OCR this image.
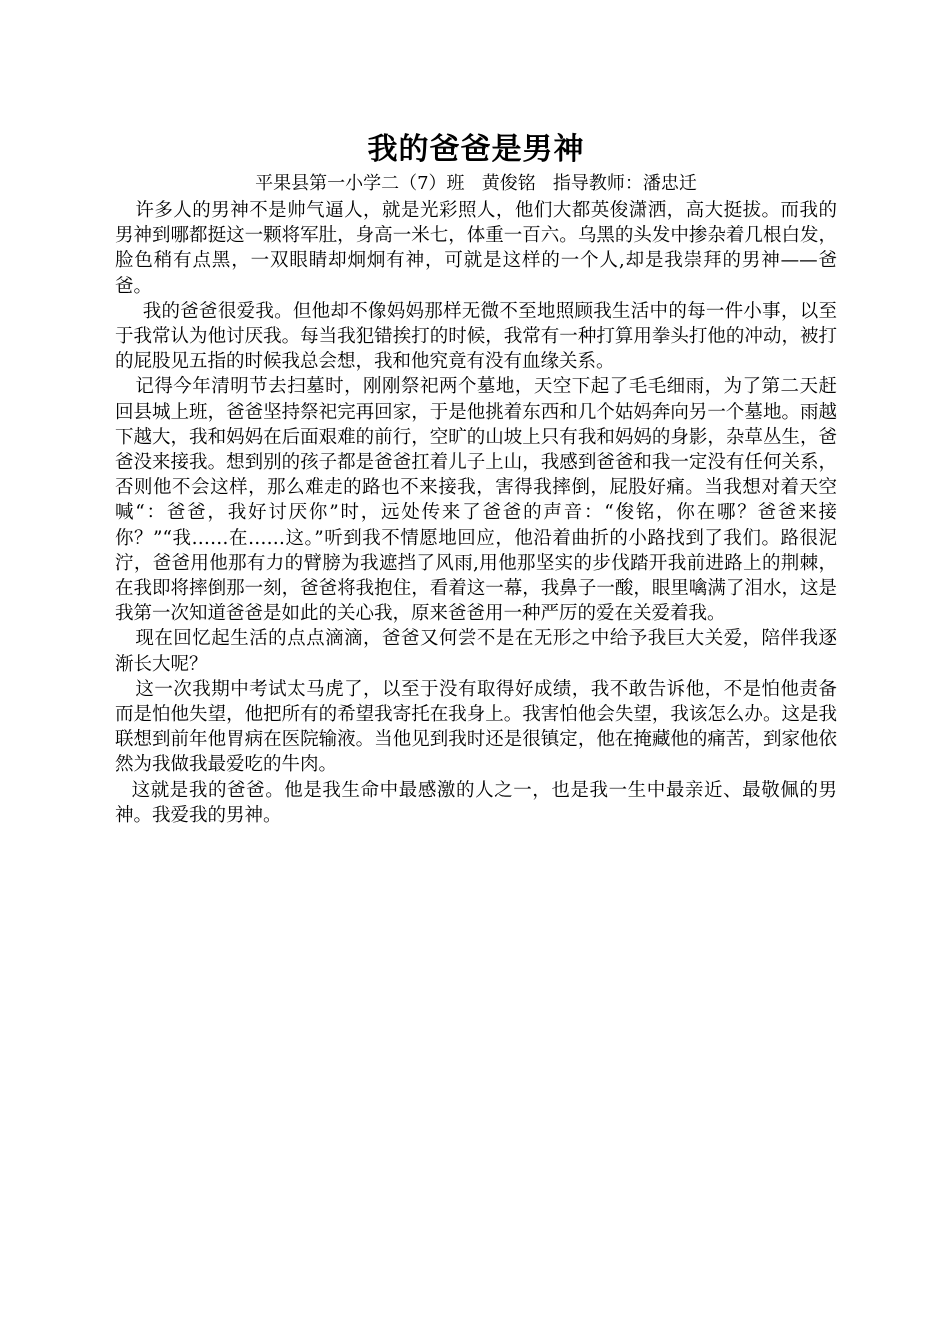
我的爸爸是男神

平果县第一小学二（7）班   黄俊铭   指导教师：潘忠迁

许多人的男神不是帅气逼人，就是光彩照人，他们大都英俊潇洒，高大挺拔。而我的男神到哪都挺这一颗将军肚，身高一米七，体重一百六。乌黑的头发中掺杂着几根白发，脸色稍有点黑，一双眼睛却炯炯有神，可就是这样的一个人,却是我崇拜的男神——爸爸。

我的爸爸很爱我。但他却不像妈妈那样无微不至地照顾我生活中的每一件小事，以至于我常认为他讨厌我。每当我犯错挨打的时候，我常有一种打算用拳头打他的冲动，被打的屁股见五指的时候我总会想，我和他究竟有没有血缘关系。

记得今年清明节去扫墓时，刚刚祭祀两个墓地，天空下起了毛毛细雨，为了第二天赶回县城上班，爸爸坚持祭祀完再回家，于是他挑着东西和几个姑妈奔向另一个墓地。雨越下越大，我和妈妈在后面艰难的前行，空旷的山坡上只有我和妈妈的身影，杂草丛生，爸爸没来接我。想到别的孩子都是爸爸扛着儿子上山，我感到爸爸和我一定没有任何关系，否则他不会这样，那么难走的路也不来接我，害得我摔倒，屁股好痛。当我想对着天空喊“：爸爸，我好讨厌你”时，远处传来了爸爸的声音：“俊铭，你在哪？爸爸来接你？”“我……在……这。”听到我不情愿地回应，他沿着曲折的小路找到了我们。路很泥泞，爸爸用他那有力的臂膀为我遮挡了风雨,用他那坚实的步伐踏开我前进路上的荆棘，在我即将摔倒那一刻，爸爸将我抱住，看着这一幕，我鼻子一酸，眼里噙满了泪水，这是我第一次知道爸爸是如此的关心我，原来爸爸用一种严厉的爱在关爱着我。

现在回忆起生活的点点滴滴，爸爸又何尝不是在无形之中给予我巨大关爱，陪伴我逐渐长大呢？

这一次我期中考试太马虎了，以至于没有取得好成绩，我不敢告诉他，不是怕他责备而是怕他失望，他把所有的希望我寄托在我身上。我害怕他会失望，我该怎么办。这是我联想到前年他胃病在医院输液。当他见到我时还是很镇定，他在掩藏他的痛苦，到家他依然为我做我最爱吃的牛肉。

这就是我的爸爸。他是我生命中最感激的人之一，也是我一生中最亲近、最敬佩的男神。我爱我的男神。
